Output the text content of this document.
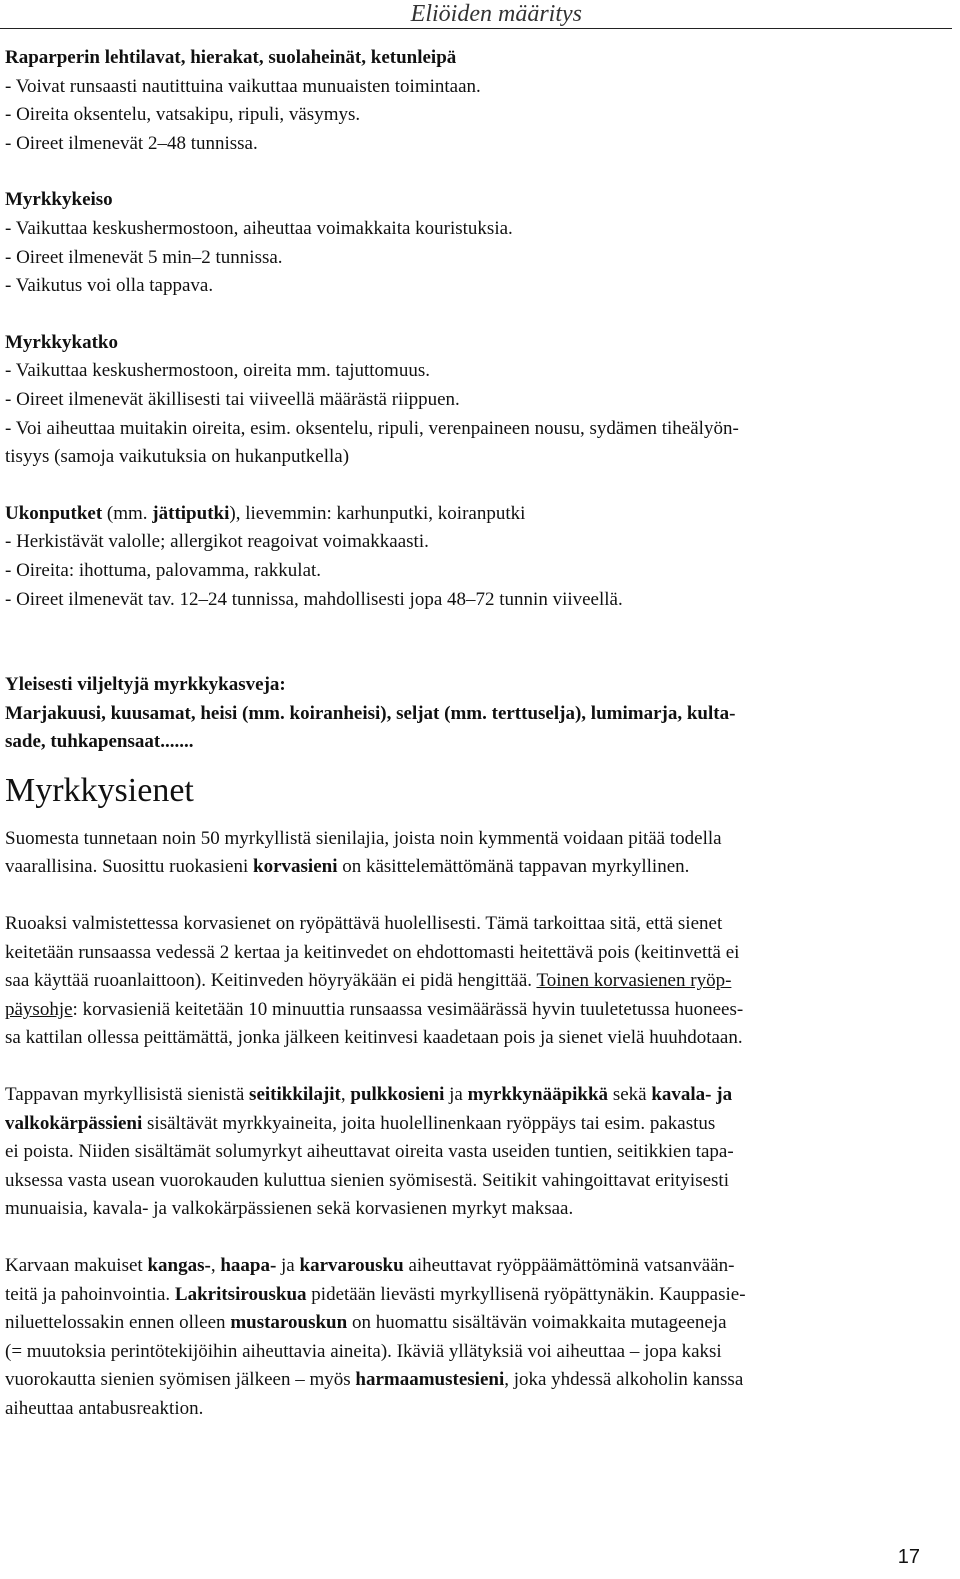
Eliöiden määritys

Raparperin lehtilavat, hierakat, suolaheinät, ketunleipä

- Voivat runsaasti nautittuina vaikuttaa munuaisten toimintaan.

- Oireita oksentelu, vatsakipu, ripuli, väsymys.

- Oireet ilmenevät 2–48 tunnissa.

Myrkkykeiso

- Vaikuttaa keskushermostoon, aiheuttaa voimakkaita kouristuksia.

- Oireet ilmenevät 5 min–2 tunnissa.

- Vaikutus voi olla tappava.

Myrkkykatko

- Vaikuttaa keskushermostoon, oireita mm. tajuttomuus.

- Oireet ilmenevät äkillisesti tai viiveellä määrästä riippuen.

- Voi aiheuttaa muitakin oireita, esim. oksentelu, ripuli, verenpaineen nousu, sydämen tiheälyön-

tisyys (samoja vaikutuksia on hukanputkella)

Ukonputket (mm. jättiputki), lievemmin: karhunputki, koiranputki

- Herkistävät valolle; allergikot reagoivat voimakkaasti.

- Oireita: ihottuma, palovamma, rakkulat.

- Oireet ilmenevät tav. 12–24 tunnissa, mahdollisesti jopa 48–72 tunnin viiveellä.

Yleisesti viljeltyjä myrkkykasveja:

Marjakuusi, kuusamat, heisi (mm. koiranheisi), seljat (mm. terttuselja), lumimarja, kulta-

sade, tuhkapensaat.......

Myrkkysienet

Suomesta tunnetaan noin 50 myrkyllistä sienilajia, joista noin kymmentä voidaan pitää todella

vaarallisina. Suosittu ruokasieni korvasieni on käsittelemättömänä tappavan myrkyllinen.

Ruoaksi valmistettessa korvasienet on ryöpättävä huolellisesti. Tämä tarkoittaa sitä, että sienet

keitetään runsaassa vedessä 2 kertaa ja keitinvedet on ehdottomasti heitettävä pois (keitinvettä ei

saa käyttää ruoanlaittoon). Keitinveden höyryäkään ei pidä hengittää. Toinen korvasienen ryöp-

päysohje: korvasieniä keitetään 10 minuuttia runsaassa vesimäärässä hyvin tuuletetussa huonees-

sa kattilan ollessa peittämättä, jonka jälkeen keitinvesi kaadetaan pois ja sienet vielä huuhdotaan.

Tappavan myrkyllisistä sienistä seitikkilajit, pulkkosieni ja myrkkynääpikkä sekä kavala- ja

valkokärpässieni sisältävät myrkkyaineita, joita huolellinenkaan ryöppäys tai esim. pakastus

ei poista. Niiden sisältämät solumyrkyt aiheuttavat oireita vasta useiden tuntien, seitikkien tapa-

uksessa vasta usean vuorokauden kuluttua sienien syömisestä. Seitikit vahingoittavat erityisesti

munuaisia, kavala- ja valkokärpässienen sekä korvasienen myrkyt maksaa.

Karvaan makuiset kangas-, haapa- ja karvarousku aiheuttavat ryöppäämättöminä vatsanvään-

teitä ja pahoinvointia. Lakritsirouskua pidetään lievästi myrkyllisenä ryöpättynäkin. Kauppasie-

niluettelossakin ennen olleen mustarouskun on huomattu sisältävän voimakkaita mutageeneja

(= muutoksia perintötekijöihin aiheuttavia aineita). Ikäviä yllätyksiä voi aiheuttaa – jopa kaksi

vuorokautta sienien syömisen jälkeen – myös harmaamustesieni, joka yhdessä alkoholin kanssa

aiheuttaa antabusreaktion.

17
